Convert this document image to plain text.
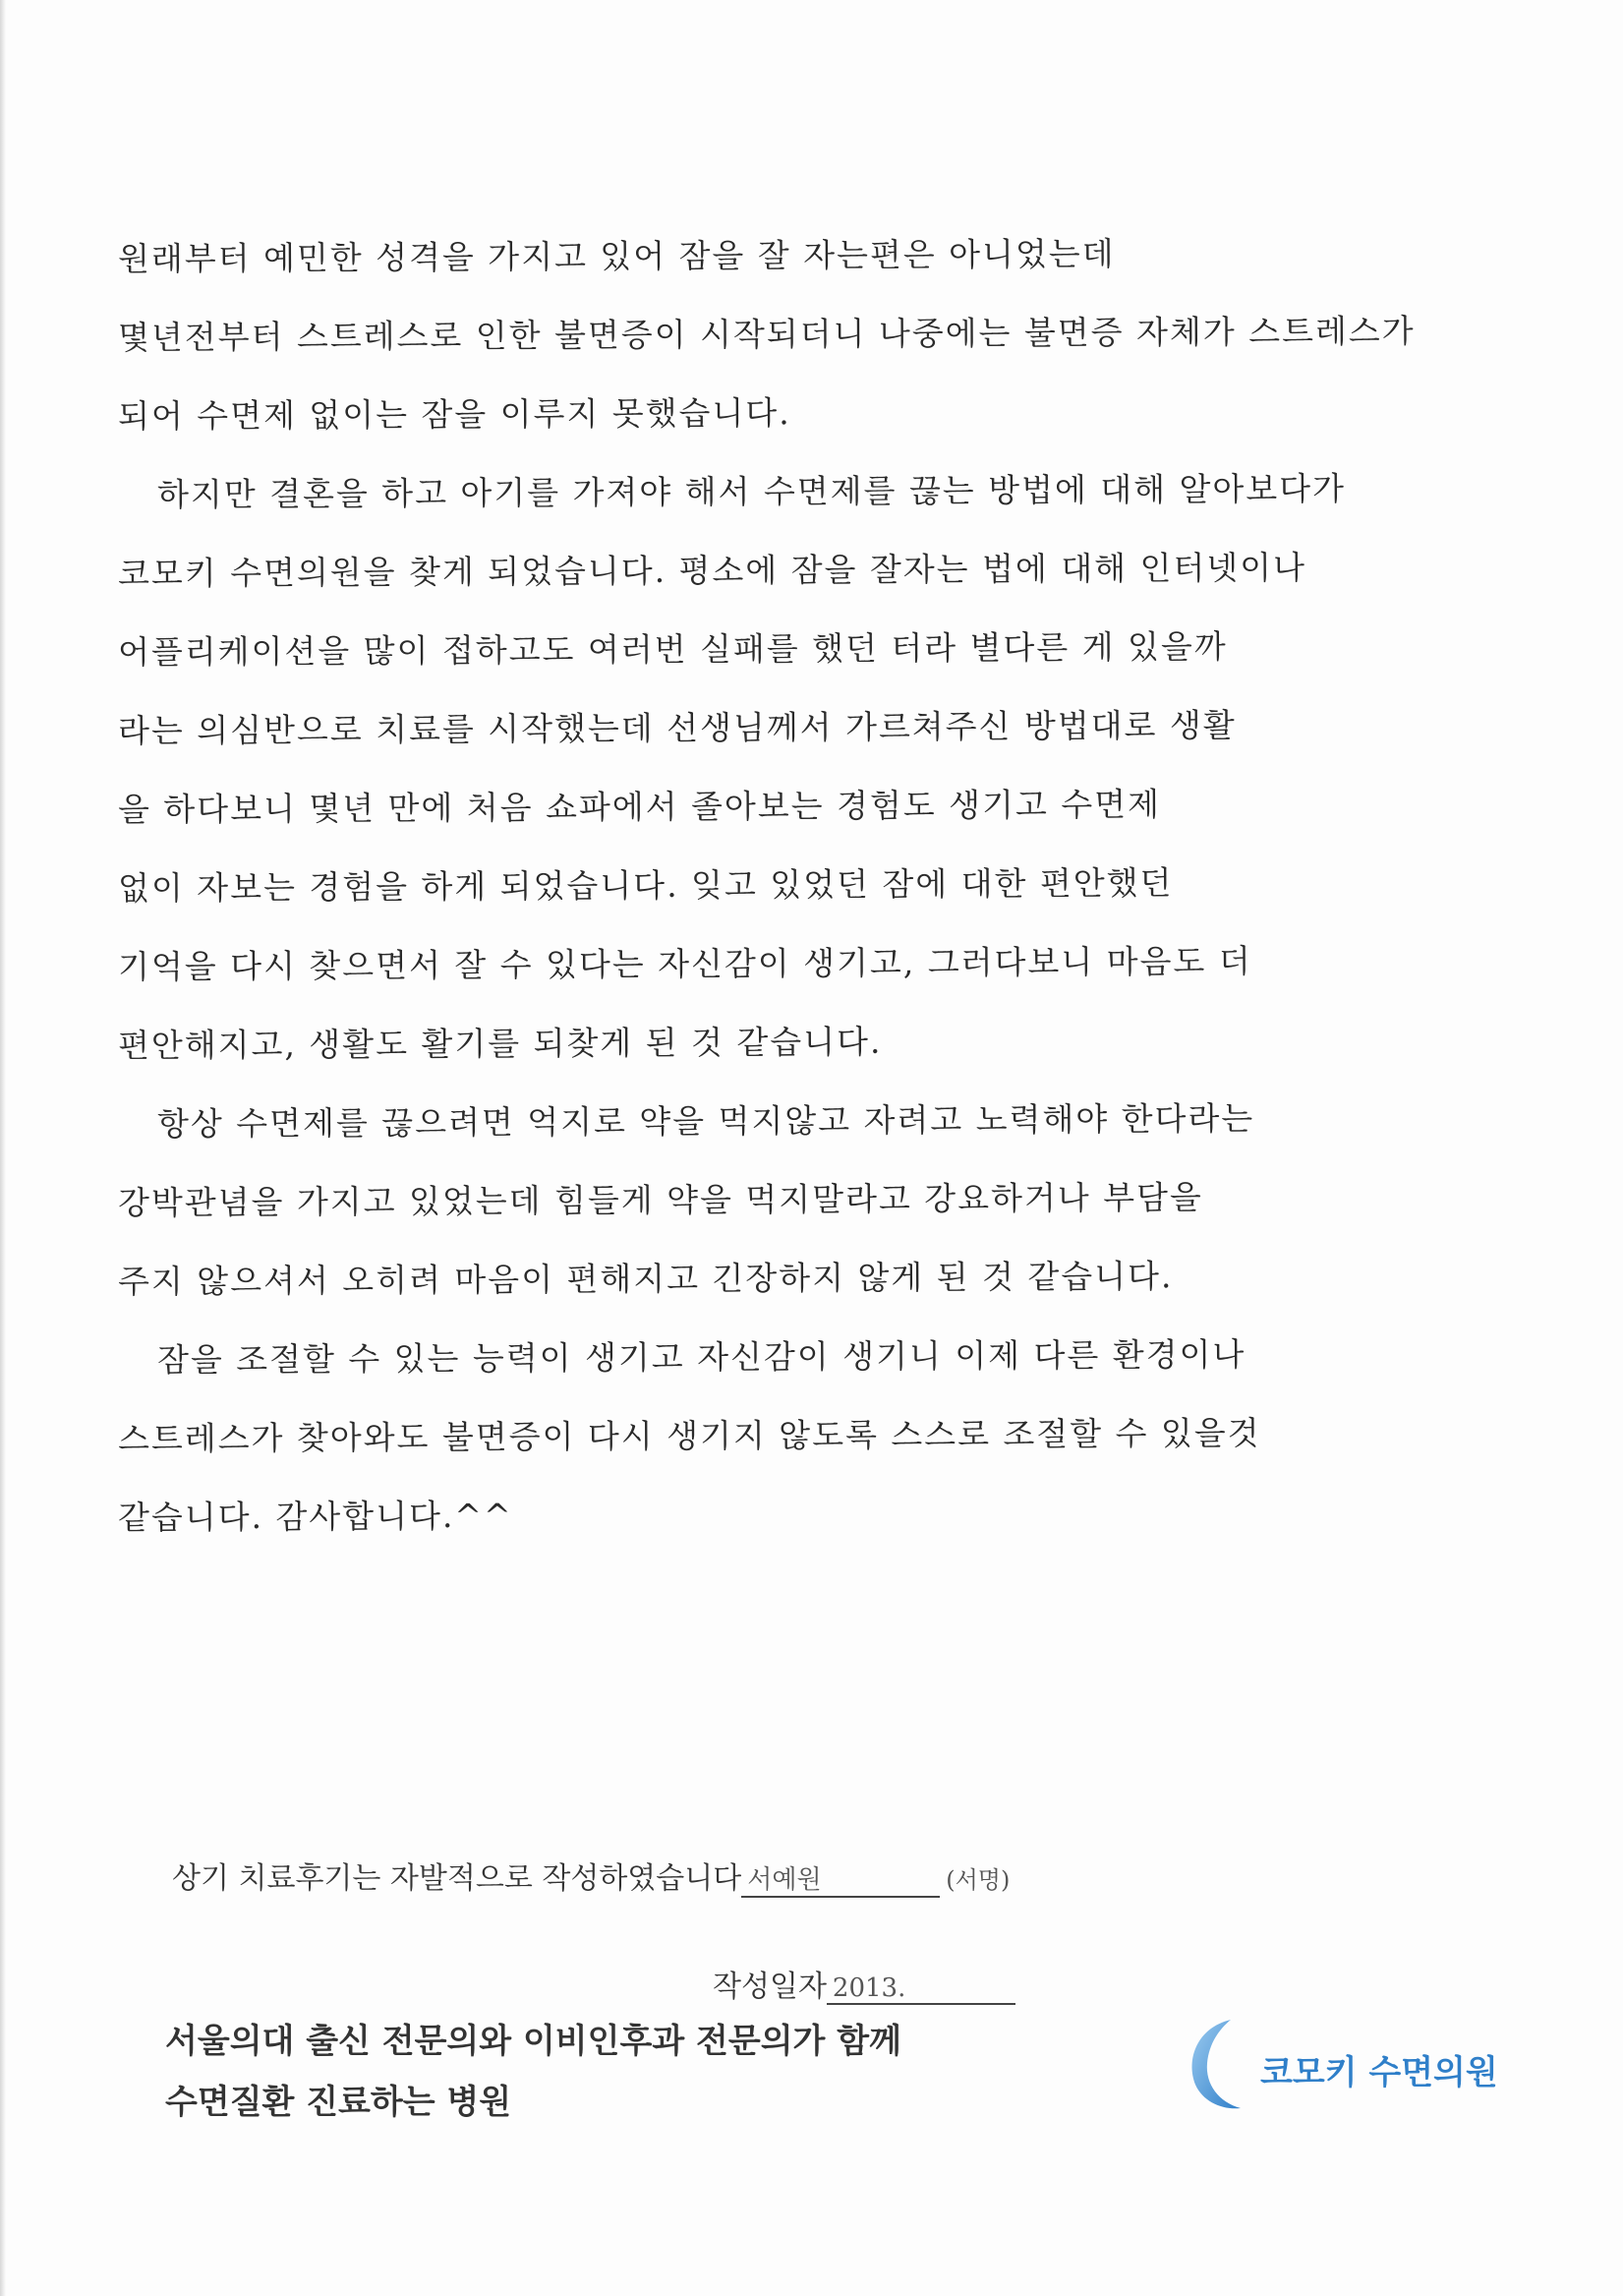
원래부터 예민한 성격을 가지고 있어 잠을 잘 자는편은 아니었는데
몇년전부터 스트레스로 인한 불면증이 시작되더니 나중에는 불면증 자체가 스트레스가
되어 수면제 없이는 잠을 이루지 못했습니다.
하지만 결혼을 하고 아기를 가져야 해서 수면제를 끊는 방법에 대해 알아보다가
코모키 수면의원을 찾게 되었습니다. 평소에 잠을 잘자는 법에 대해 인터넷이나
어플리케이션을 많이 접하고도 여러번 실패를 했던 터라 별다른 게 있을까
라는 의심반으로 치료를 시작했는데 선생님께서 가르쳐주신 방법대로 생활
을 하다보니 몇년 만에 처음 쇼파에서 졸아보는 경험도 생기고 수면제
없이 자보는 경험을 하게 되었습니다. 잊고 있었던 잠에 대한 편안했던
기억을 다시 찾으면서 잘 수 있다는 자신감이 생기고, 그러다보니 마음도 더
편안해지고, 생활도 활기를 되찾게 된 것 같습니다.
항상 수면제를 끊으려면 억지로 약을 먹지않고 자려고 노력해야 한다라는
강박관념을 가지고 있었는데 힘들게 약을 먹지말라고 강요하거나 부담을
주지 않으셔서 오히려 마음이 편해지고 긴장하지 않게 된 것 같습니다.
잠을 조절할 수 있는 능력이 생기고 자신감이 생기니 이제 다른 환경이나
스트레스가 찾아와도 불면증이 다시 생기지 않도록 스스로 조절할 수 있을것
같습니다. 감사합니다.^^
상기 치료후기는 자발적으로 작성하였습니다 서예원	(서명)
작성일자 2013.
서울의대 출신 전문의와 이비인후과 전문의가 함께
수면질환 진료하는 병원
코모키 수면의원
